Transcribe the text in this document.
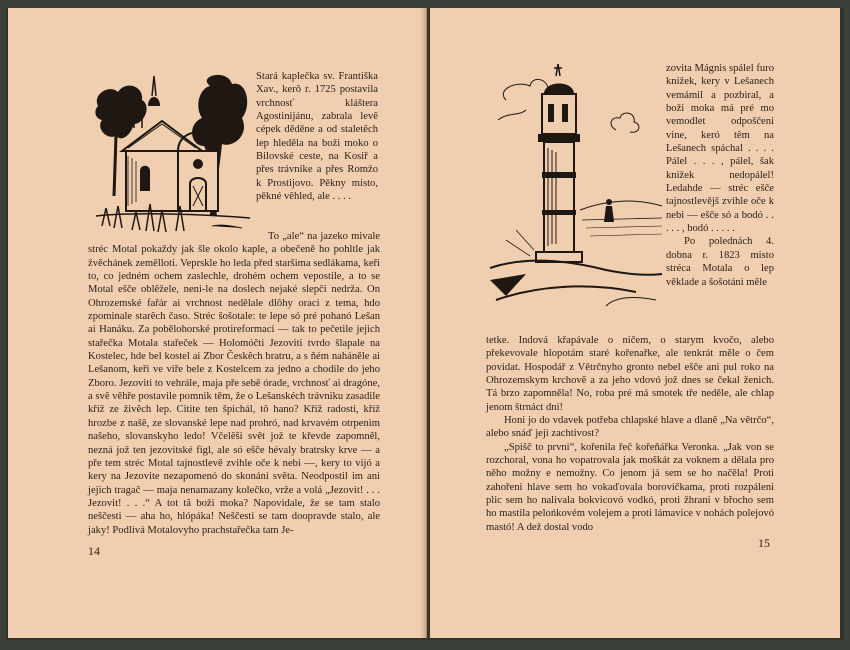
Stará kaplečka sv. Františka Xav., kerô r. 1725 postavila vrchnosť kláštera Agostinijánu, zabrala levê cépek děděne a od staletêch lep hleděla na boži moko o Bilovské ceste, na Kosiř a přes trávnike a přes Romžo k Prostijovo. Pěkny misto, pěkné vêhled, ale . . . .

To „ale“ na jazeko mivale stréc Motal pokaždy jak šle okolo kaple, a obečeně ho pohltle jak žvěchánek zemělloti. Veprskle ho leda před staršima sedlákama, keři to, co jedném ochem zaslechle, drohém ochem vepostile, a to se Motal ešče oblêžele, neni-le na doslech nejaké slepči nedrža. On Ohrozemské fařár ai vrchnost nedělale dlôhy oraci z tema, hdo zpominale starêch časo. Stréc šošotale: te lepe só pré pohanó Lešan ai Hanáku. Za pobělohorské protireformaci — tak to pečetile jejich stařečka Motala stařeček — Holomóčti Jezoviti tvrdo šlapale na Kostelec, hde bel kostel ai Zbor Českêch bratru, a s ňém naháněle ai Lešanom, keři ve viře bele z Kostelcem za jedno a chodile do jeho Zboro. Jezoviti to vehrále, maja pře sebě órade, vrchnosť ai dragóne, a svê věhře postavile pomnik těm, že o Lešanskéch trávniku zasadile kříž ze živêch lep. Citite ten špichál, tô hano? Kříž radosti, kříž hrozbe z našê, ze slovanské lepe nad prohró, nad krvavém otrpenim našeho, slovanskyho ledo! Včelêši svět jož te křevde zapomněl, nezná jož ten jezovitské figl, ale só ešče hévaly bratrsky krve — a pře tem stréc Motal tajnostlevě zvihle oče k nebi —, kery to vijó a kery na Jezovite nezapomenó do skonáni světa. Neodpostil im ani jejich tragač — maja nenamazany kolečko, vrže a volá „Jezovit! . . . Jezovit! . . .“ A tot tă boži moka? Napovidale, že se tam stalo neščesti — aha ho, hlópáka! Neščesti se tam doopravde stalo, ale jaky! Podlivá Motalovyho prachstařečka tam Je-

14

zovita Mágnis spálel furo knižek, kery v Lešanech vemámil a pozbiral, a boži moka má pré mo vemodlet odpoščeni vine, keró têm na Lešanech spáchal . . . . Pálel . . . , pálel, šak knižek nedopálel! Ledahde — stréc ešče tajnostlevějš zvihle oče k nebi — ešče só a bodó . . . . . , bodó . . . . .

Po polednách 4. dobna r. 1823 misto stréca Motala o lep věklade a šošotáni měle

tetke. Indová křapávale o ničem, o starym kvočo, alebo překevovale hlopotám staré kořenařke, ale tenkrát měle o čem povidat. Hospodář z Větrčnyho gronto nebel ešče ani pul roko na Ohrozemskym krchově a za jeho vdovó jož dnes se čekal ženich. Tá brzo zapomněla! No, roba pré má smotek tře neděle, ale chlap jenom štrnáct dni!

Honi jo do vdavek potřeba chlapské hlave a dlaně „Na větrčo“, alebo snáď jeji zachtivost?

„Spišč to prvni“, kořenila řeč kořeňářka Veronka. „Jak von se rozchoral, vona ho vopatrovala jak moškát za voknem a dělala pro něho možny e nemožny. Co jenom já sem se ho načěla! Proti zahořeni hlave sem ho vokaďovala borovičkama, proti rozpáleni plic sem ho nalivala bokvicovó vodkó, proti žhrani v břocho sem ho mastila pelońkovém volejem a proti lámavice v nohách polejovó mastó! A dež dostal vodo

15
